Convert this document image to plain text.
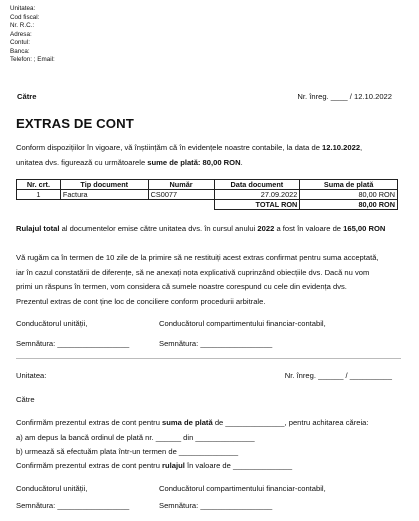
Unitatea:
Cod fiscal:
Nr. R.C.:
Adresa:
Contul:
Banca:
Telefon: ; Email:
Către	Nr. înreg. ____ / 12.10.2022
EXTRAS DE CONT
Conform dispozițiilor în vigoare, vă înștiințăm că în evidențele noastre contabile, la data de 12.10.2022,
unitatea dvs. figurează cu următoarele sume de plată: 80,00 RON.
Nr. crt.	Tip document	Număr	Data document	Suma de plată
1	Factura	CS0077	27.09.2022	80,00 RON
			TOTAL RON	80,00 RON
Rulajul total al documentelor emise către unitatea dvs. în cursul anului 2022 a fost în valoare de 165,00 RON
Vă rugăm ca în termen de 10 zile de la primire să ne restituiți acest extras confirmat pentru suma acceptată,
iar în cazul constatării de diferențe, să ne anexați nota explicativă cuprinzând obiecțiile dvs. Dacă nu vom
primi un răspuns în termen, vom considera că sumele noastre corespund cu cele din evidența dvs.
Prezentul extras de cont ține loc de conciliere conform procedurii arbitrale.
Conducătorul unității,	Conducătorul compartimentului financiar-contabil,
Semnătura: _________________	Semnătura: _________________
Unitatea:	Nr. înreg. ______ / __________
Către
Confirmăm prezentul extras de cont pentru suma de plată de ______________, pentru achitarea căreia:
a) am depus la bancă ordinul de plată nr. ______ din ______________
b) urmează să efectuăm plata într-un termen de ______________
Confirmăm prezentul extras de cont pentru rulajul în valoare de ______________
Conducătorul unității,	Conducătorul compartimentului financiar-contabil,
Semnătura: _________________	Semnătura: _________________
